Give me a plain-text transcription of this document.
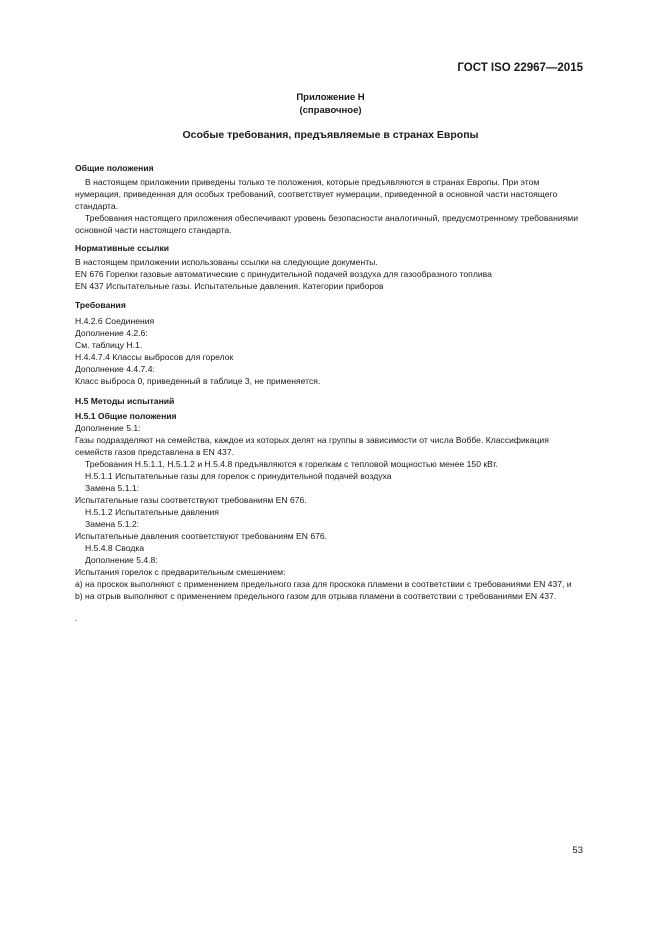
ГОСТ ISO 22967—2015
Приложение Н
(справочное)
Особые требования, предъявляемые в странах Европы

Общие положения

В настоящем приложении приведены только те положения, которые предъявляются в странах Европы. При этом нумерация, приведенная для особых требований, соответствует нумерации, приведенной в основной части настоящего стандарта.

Требования настоящего приложения обеспечивают уровень безопасности аналогичный, предусмотренному требованиями основной части настоящего стандарта.

Нормативные ссылки

В настоящем приложении использованы ссылки на следующие документы.

EN 676 Горелки газовые автоматические с принудительной подачей воздуха для газообразного топлива

EN 437 Испытательные газы. Испытательные давления. Категории приборов

Требования

Н.4.2.6 Соединения

Дополнение 4.2.6:

См. таблицу Н.1.

Н.4.4.7.4 Классы выбросов для горелок

Дополнение 4.4.7.4:

Класс выброса 0, приведенный в таблице 3, не применяется.

Н.5 Методы испытаний

Н.5.1 Общие положения

Дополнение 5.1:

Газы подразделяют на семейства, каждое из которых делят на группы в зависимости от числа Воббе. Классификация семейств газов представлена в EN 437.

Требования Н.5.1.1, Н.5.1.2 и Н.5.4.8 предъявляются к горелкам с тепловой мощностью менее 150 кВт.

Н.5.1.1 Испытательные газы для горелок с принудительной подачей воздуха

Замена 5.1.1:

Испытательные газы соответствуют требованиям EN 676.

Н.5.1.2 Испытательные давления

Замена 5.1.2:

Испытательные давления соответствуют требованиям EN 676.

Н.5.4.8 Сводка

Дополнение 5.4.8:

Испытания горелок с предварительным смешением:

а) на проскок выполняют с применением предельного газа для проскока пламени в соответствии с требованиями EN 437, и

b) на отрыв выполняют с применением предельного газом для отрыва пламени в соответствии с требованиями EN 437.

.

53
